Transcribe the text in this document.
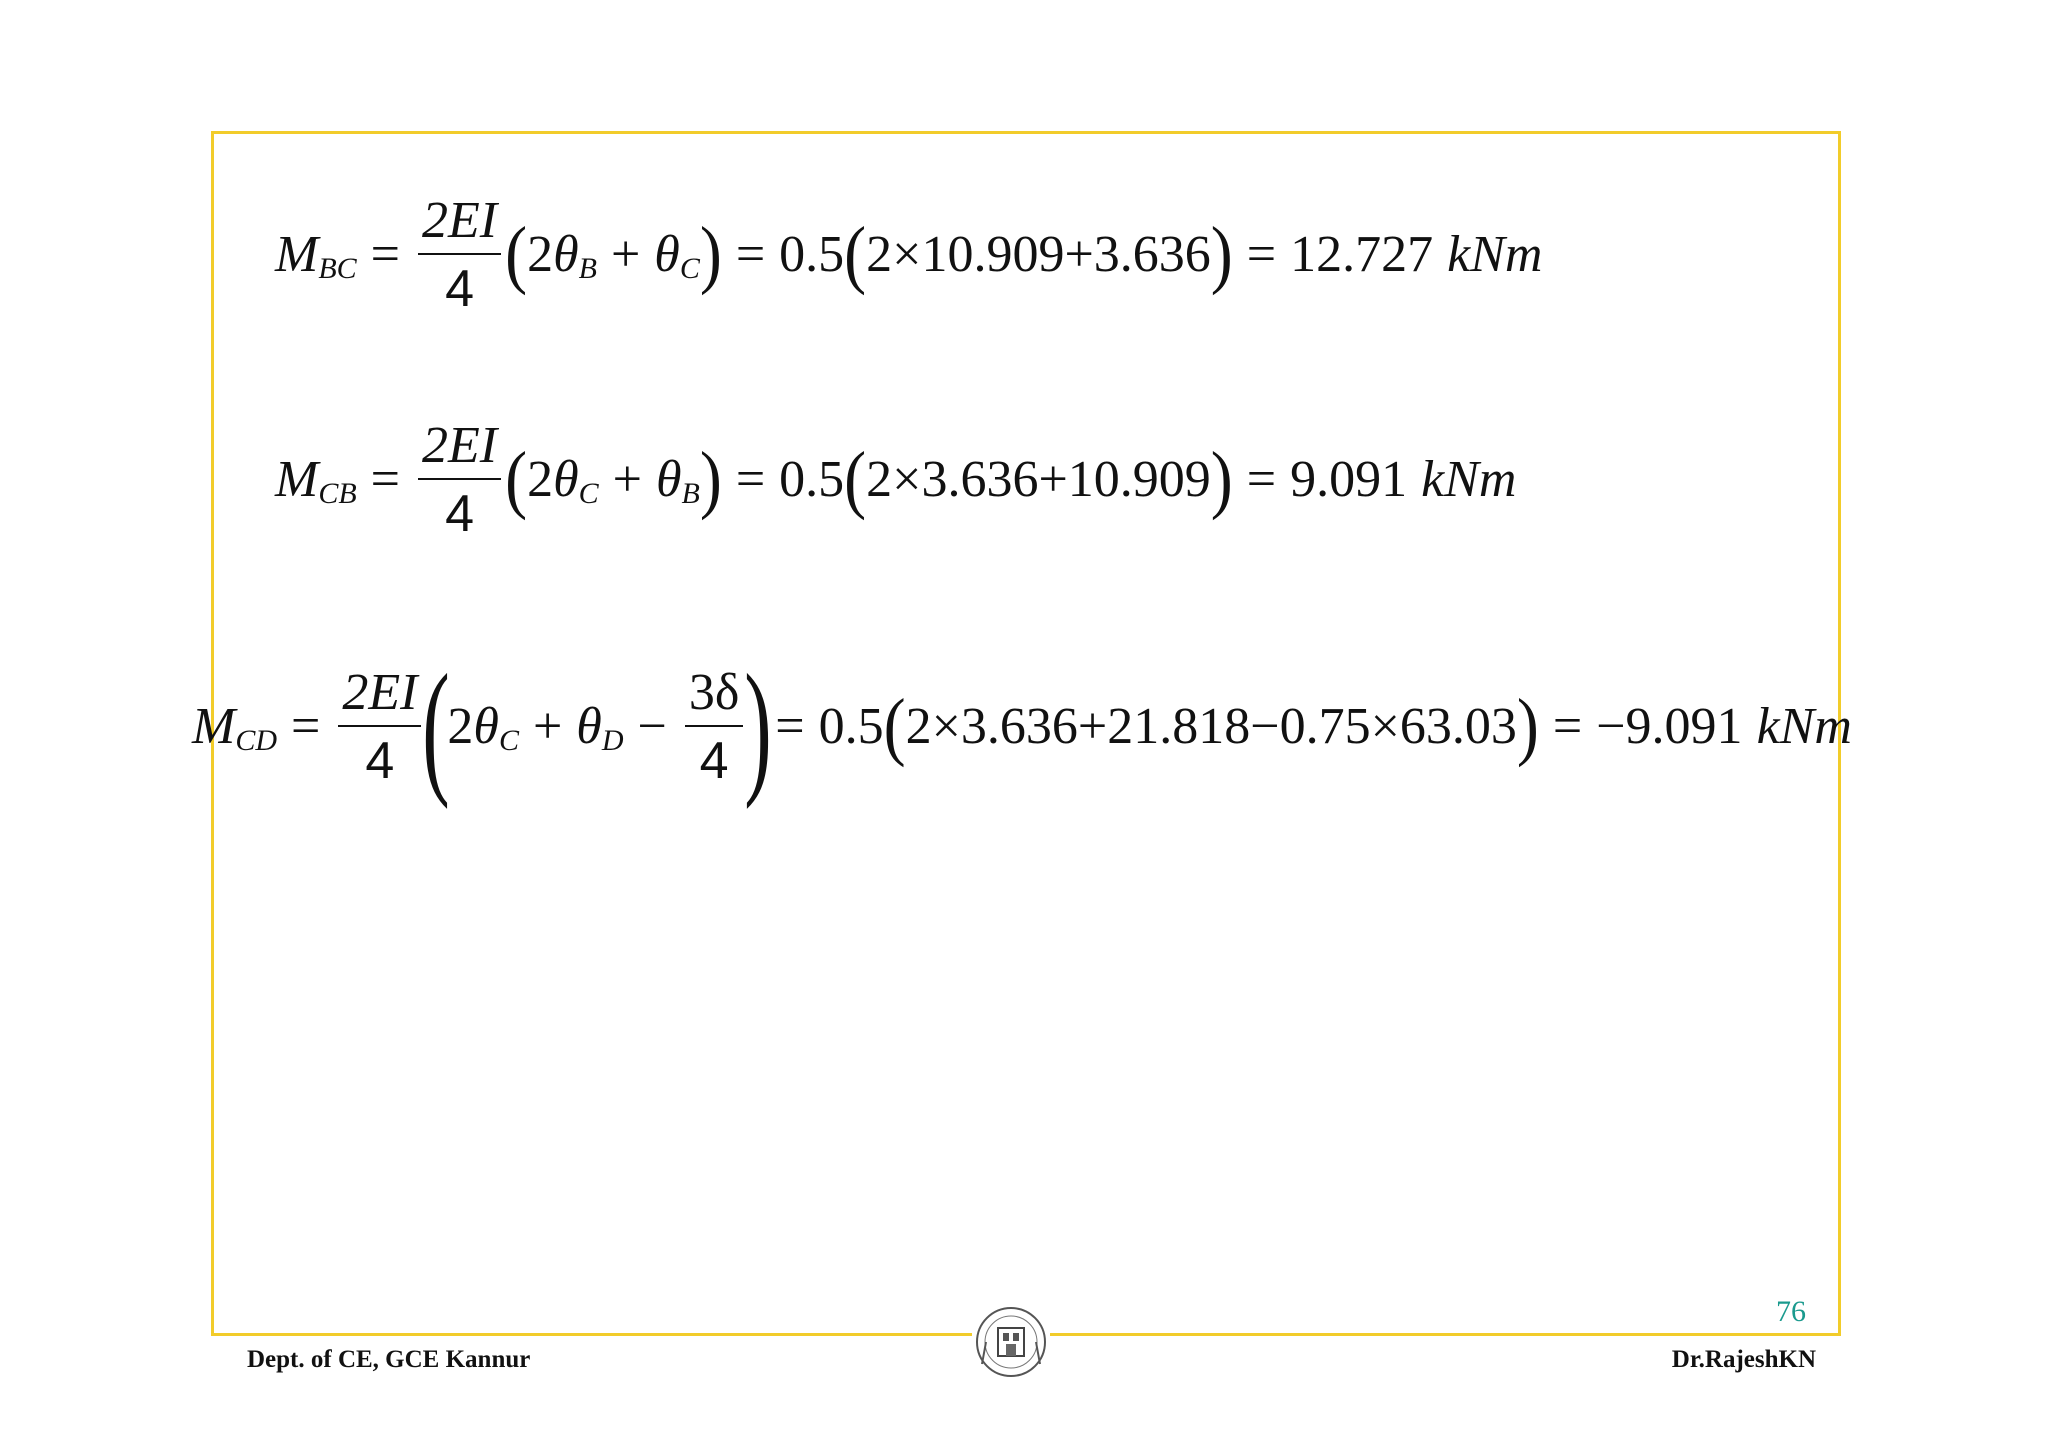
M BC = $\frac{2EI}{4}$ ( 2 θ B + θ C ) = 0.5 ( 2×10.909+3.636 ) = 12.727 kNm
M CB = $\frac{2EI}{4}$ ( 2 θ C + θ B ) = 0.5 ( 2×3.636+10.909 ) = 9.091 kNm
M CD = $\frac{2EI}{4}$ (
2 θ C + θ $D - \frac{3\delta}{4}$ ) = 0.5 ( 2×3.636+21.818−0.75×63.03 ) = −9.091 kNm
76
Dept. of CE, GCE Kannur	Dr.RajeshKN
